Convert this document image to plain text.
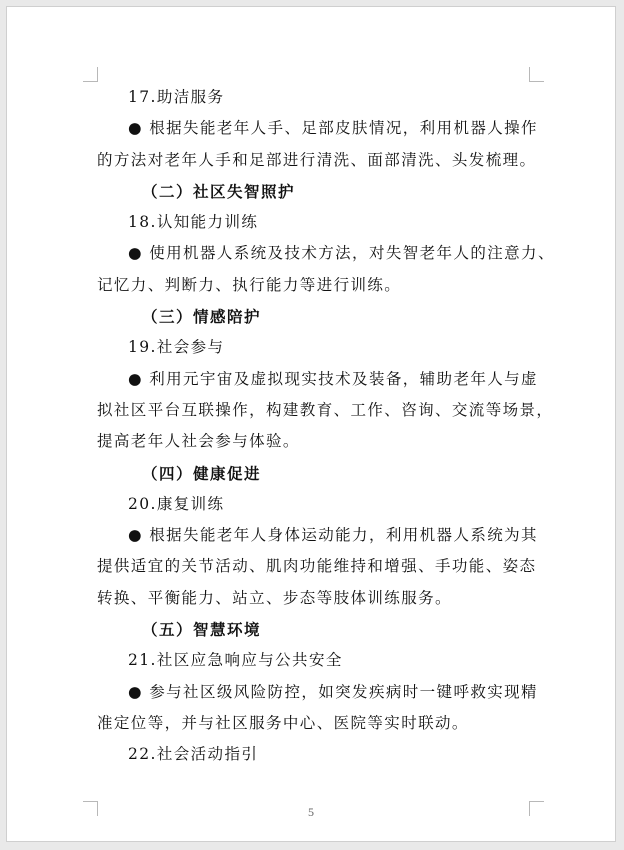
17.助洁服务
● 根据失能老年人手、足部皮肤情况，利用机器人操作
的方法对老年人手和足部进行清洗、面部清洗、头发梳理。
（二）社区失智照护
18.认知能力训练
● 使用机器人系统及技术方法，对失智老年人的注意力、
记忆力、判断力、执行能力等进行训练。
（三）情感陪护
19.社会参与
● 利用元宇宙及虚拟现实技术及装备，辅助老年人与虚
拟社区平台互联操作，构建教育、工作、咨询、交流等场景，
提高老年人社会参与体验。
（四）健康促进
20.康复训练
● 根据失能老年人身体运动能力，利用机器人系统为其
提供适宜的关节活动、肌肉功能维持和增强、手功能、姿态
转换、平衡能力、站立、步态等肢体训练服务。
（五）智慧环境
21.社区应急响应与公共安全
● 参与社区级风险防控，如突发疾病时一键呼救实现精
准定位等，并与社区服务中心、医院等实时联动。
22.社会活动指引
5
